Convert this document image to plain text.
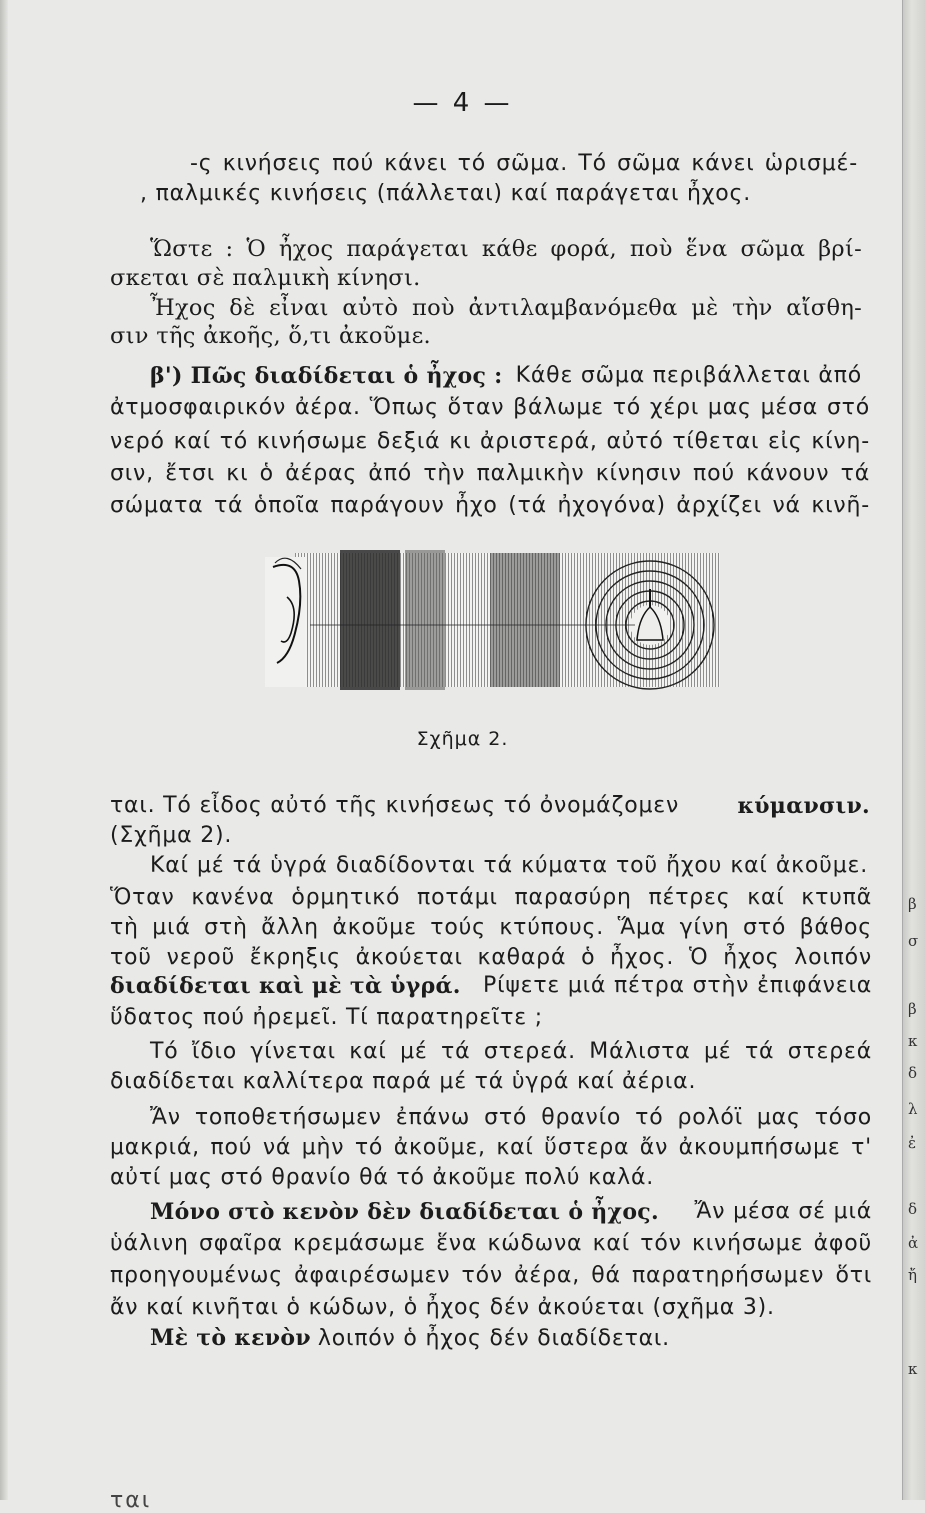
— 4 —
-ς κινήσεις πού κάνει τό σῶμα. Τό σῶμα κάνει ὡρισμέ-
, παλμικές κινήσεις (πάλλεται) καί παράγεται ἦχος.
Ὥστε : Ὁ ἦχος παράγεται κάθε φορά, ποὺ ἕνα σῶμα βρί-
σκεται σὲ παλμικὴ κίνησι.
Ἦχος δὲ εἶναι αὐτὸ ποὺ ἀντιλαμβανόμεθα μὲ τὴν αἴσθη-
σιν τῆς ἀκοῆς, ὅ,τι ἀκοῦμε.
β') Πῶς διαδίδεται ὁ ἦχος : Κάθε σῶμα περιβάλλεται ἀπό
ἀτμοσφαιρικόν ἀέρα. Ὅπως ὅταν βάλωμε τό χέρι μας μέσα στό
νερό καί τό κινήσωμε δεξιά κι ἀριστερά, αὐτό τίθεται εἰς κίνη-
σιν, ἔτσι κι ὁ ἀέρας ἀπό τὴν παλμικὴν κίνησιν πού κάνουν τά
σώματα τά ὁποῖα παράγουν ἦχο (τά ἠχογόνα) ἀρχίζει νά κινῆ-
Σχῆμα 2.
ται. Τό εἶδος αὐτό τῆς κινήσεως τό ὀνομάζομεν	κύμανσιν.
(Σχῆμα 2).
Καί μέ τά ὑγρά διαδίδονται τά κύματα τοῦ ἤχου καί ἀκοῦμε.
Ὅταν κανένα ὁρμητικό ποτάμι παρασύρη πέτρες καί κτυπᾶ
τὴ μιά στὴ ἄλλη ἀκοῦμε τούς κτύπους. Ἅμα γίνη στό βάθος
τοῦ νεροῦ ἔκρηξις ἀκούεται καθαρά ὁ ἦχος. Ὁ ἦχος λοιπόν
διαδίδεται καὶ μὲ τὰ ὑγρά. Ρίψετε μιά πέτρα στὴν ἐπιφάνεια
ὕδατος πού ἠρεμεῖ. Τί παρατηρεῖτε ;
Τό ἴδιο γίνεται καί μέ τά στερεά. Μάλιστα μέ τά στερεά
διαδίδεται καλλίτερα παρά μέ τά ὑγρά καί ἀέρια.
Ἄν τοποθετήσωμεν ἐπάνω στό θρανίο τό ρολόϊ μας τόσο
μακριά, πού νά μὴν τό ἀκοῦμε, καί ὕστερα ἄν ἀκουμπήσωμε τ'
αὐτί μας στό θρανίο θά τό ἀκοῦμε πολύ καλά.
Μόνο στὸ κενὸν δὲν διαδίδεται ὁ ἦχος. Ἄν μέσα σέ μιά
ὑάλινη σφαῖρα κρεμάσωμε ἕνα κώδωνα καί τόν κινήσωμε ἀφοῦ
προηγουμένως ἀφαιρέσωμεν τόν ἀέρα, θά παρατηρήσωμεν ὅτι
ἄν καί κινῆται ὁ κώδων, ὁ ἦχος δέν ἀκούεται (σχῆμα 3).
Μὲ τὸ κενὸν λοιπόν ὁ ἦχος δέν διαδίδεται.
β
σ
β
κ
δ
λ
ἐ
δ
ἀ
ἤ
κ
ται
